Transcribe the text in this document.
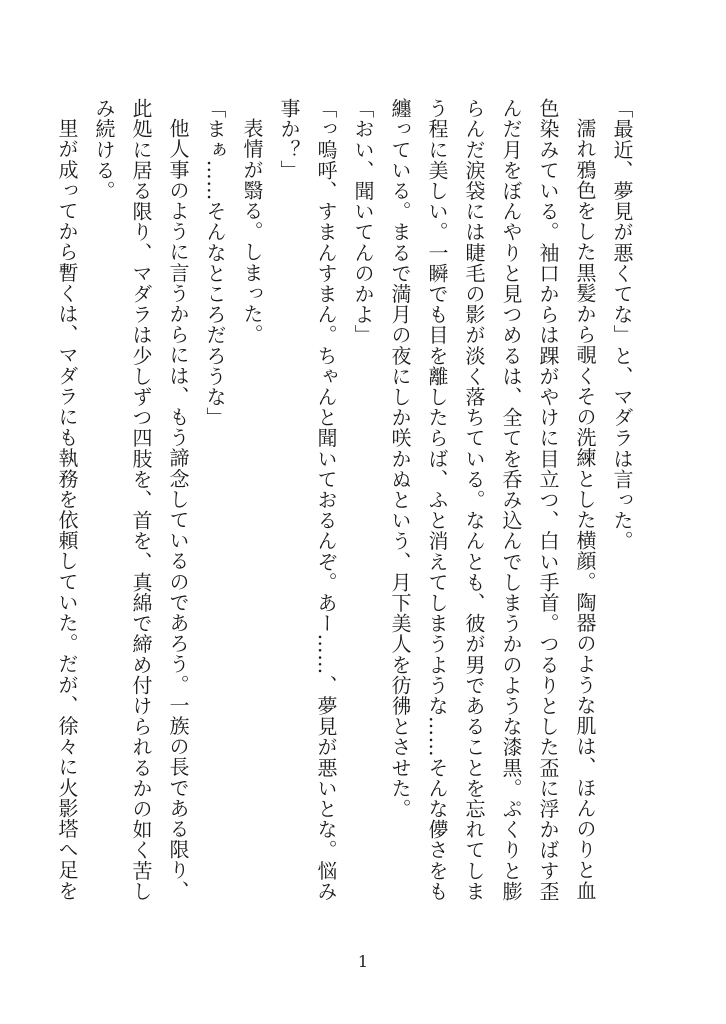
「最近、夢見が悪くてな」と、マダラは言った。

濡れ鴉色をした黒髪から覗くその洗練とした横顔。陶器のような肌は、ほんのりと血色染みている。袖口からは踝がやけに目立つ、白い手首。つるりとした盃に浮かばす歪んだ月をぼんやりと見つめるは、全てを呑み込んでしまうかのような漆黒。ぷくりと膨らんだ涙袋には睫毛の影が淡く落ちている。なんとも、彼が男であることを忘れてしまう程に美しい。一瞬でも目を離したらば、ふと消えてしまうような……そんな儚さをも纏っている。まるで満月の夜にしか咲かぬという、月下美人を彷彿とさせた。

「おい、聞いてんのかよ」

「っ嗚呼、すまんすまん。ちゃんと聞いておるんぞ。あー……、夢見が悪いとな。悩み事か？」

表情が翳る。しまった。

「まぁ……そんなところだろうな」

他人事のように言うからには、もう諦念しているのであろう。一族の長である限り、此処に居る限り、マダラは少しずつ四肢を、首を、真綿で締め付けられるかの如く苦しみ続ける。

里が成ってから暫くは、マダラにも執務を依頼していた。だが、徐々に火影塔へ足を

1
